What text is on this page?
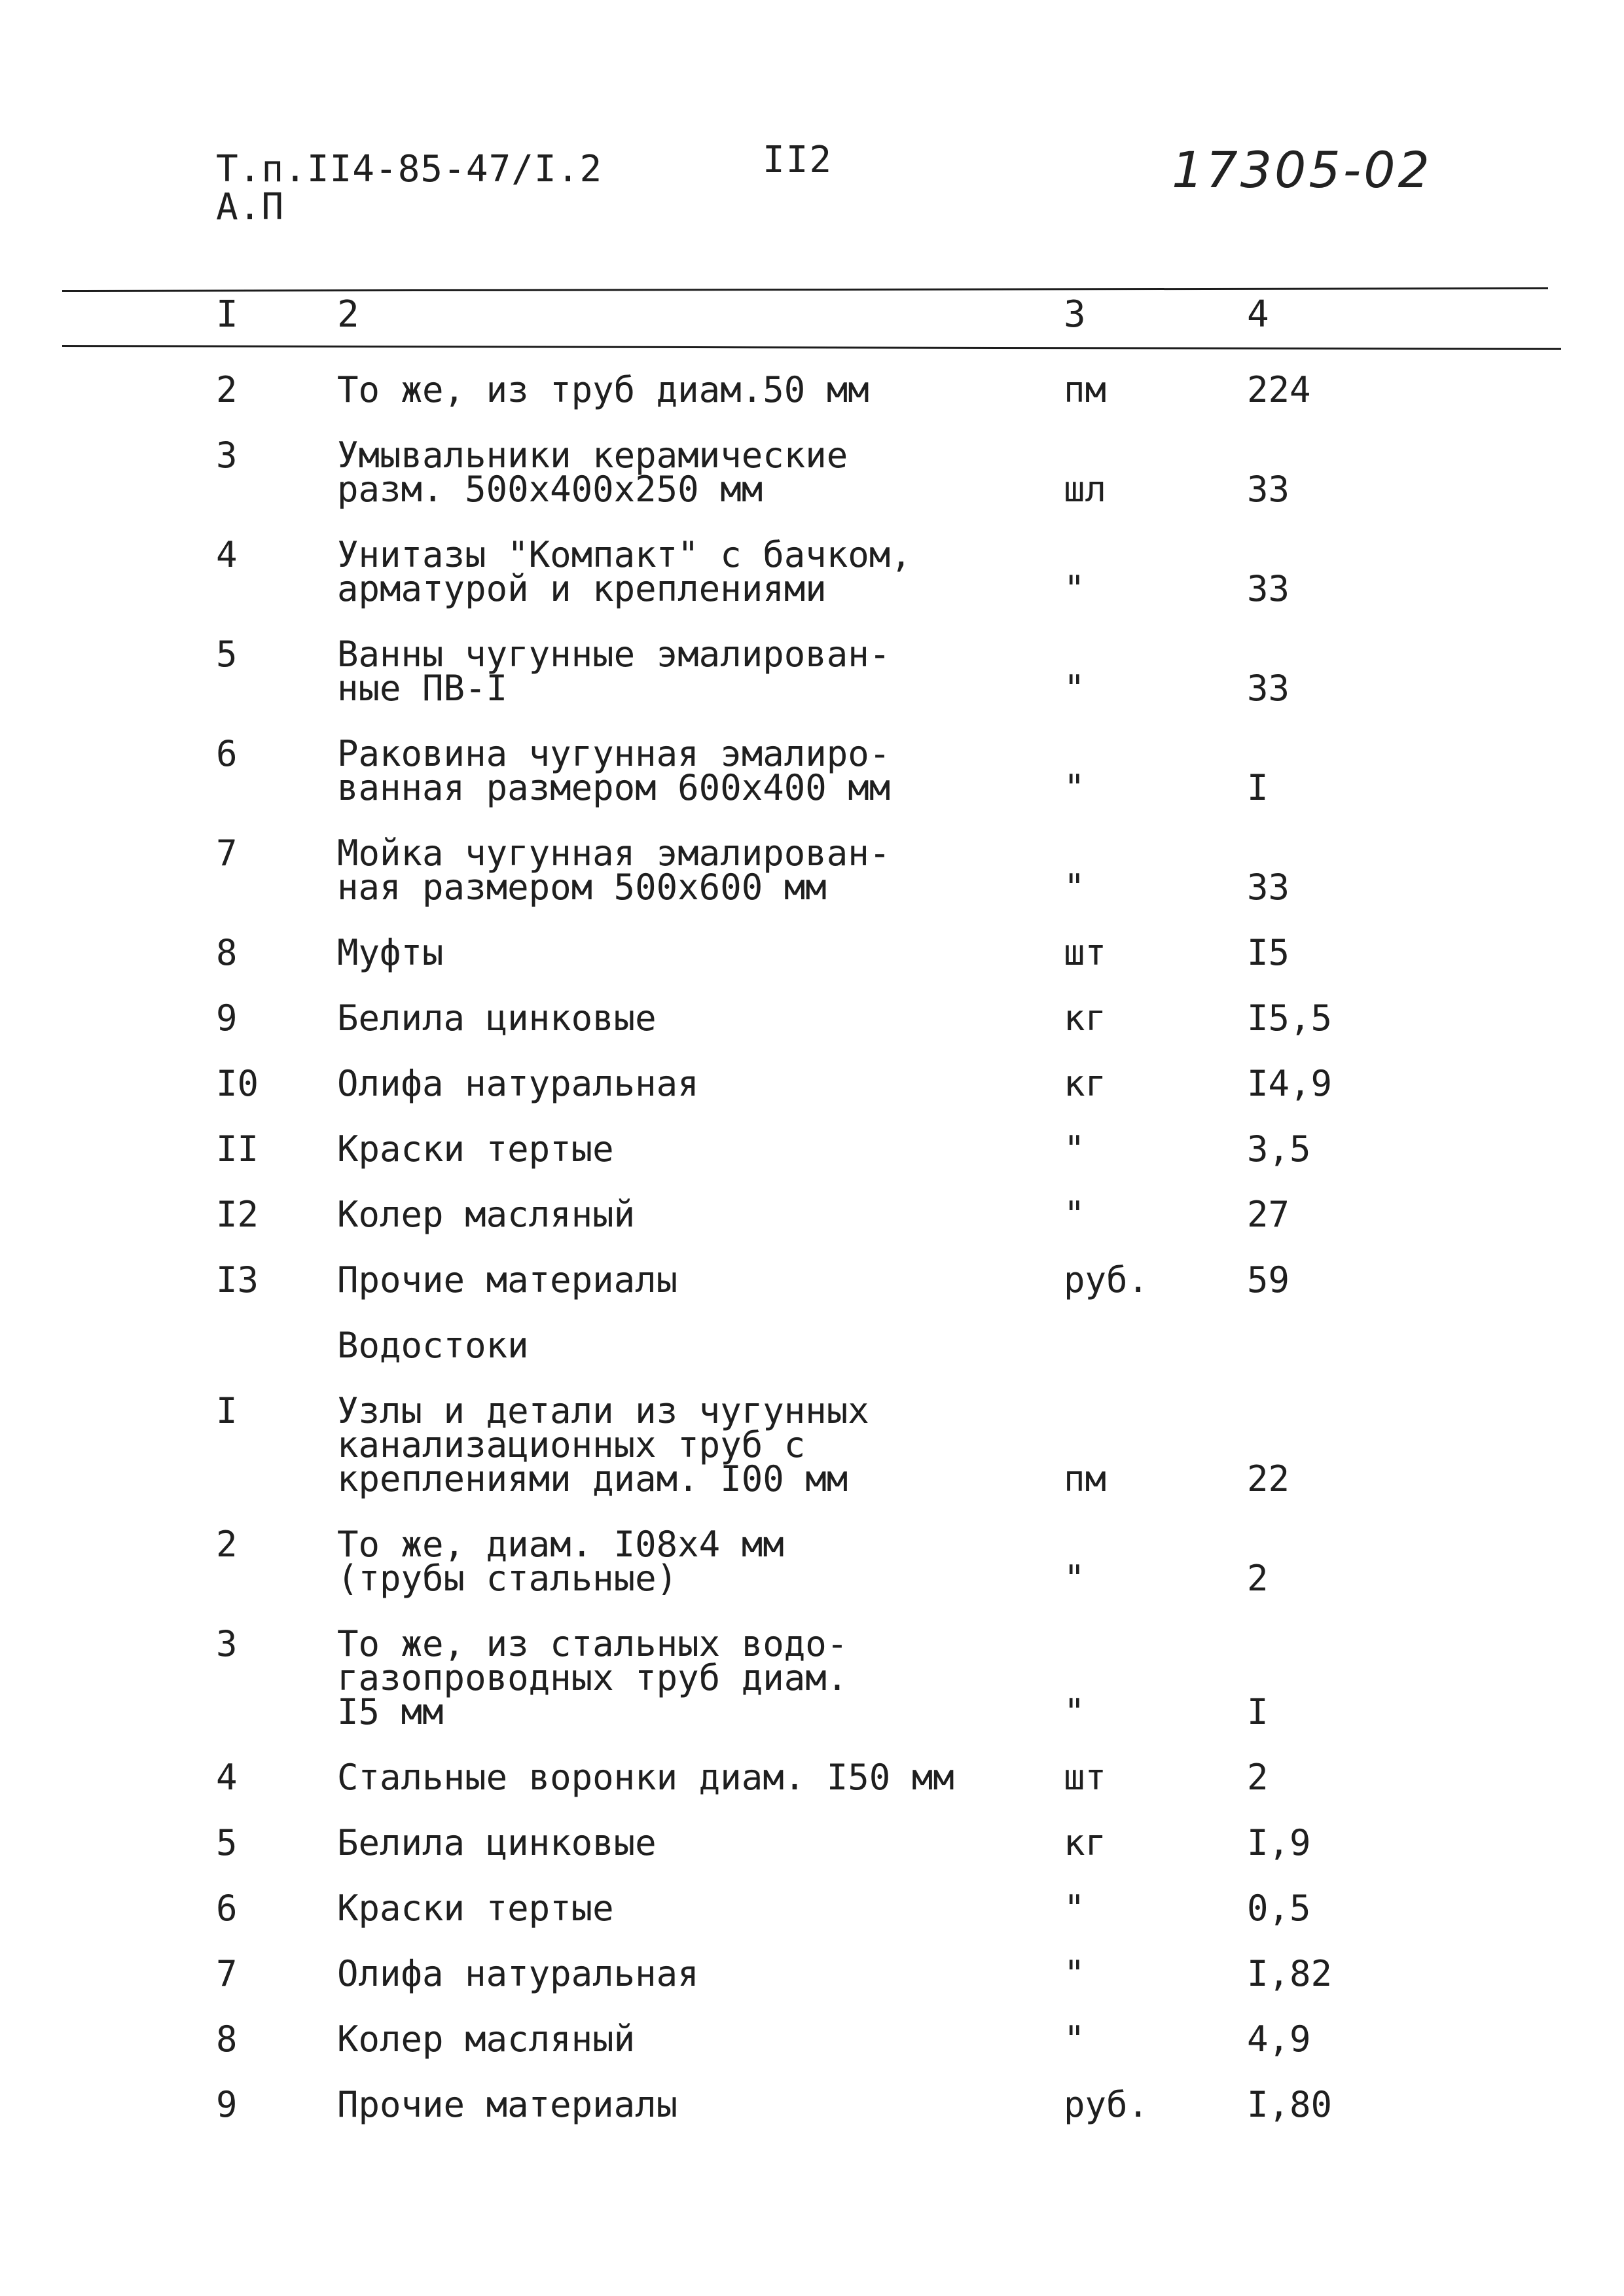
Т.п.II4-85-47/I.2
А.П
II2	17305-02
I	2	3	4
2	То же, из труб диам.50 мм	пм	224
3	Умывальники керамические
разм. 500х400х250 мм	шл	33
4	Унитазы "Компакт" с бачком,
арматурой и креплениями	"	33
5	Ванны чугунные эмалирован-
ные ПВ-I	"	33
6	Раковина чугунная эмалиро-
ванная размером 600х400 мм	"	I
7	Мойка чугунная эмалирован-
ная размером 500х600 мм	"	33
8	Муфты	шт	I5
9	Белила цинковые	кг	I5,5
I0 Олифа натуральная	кг	I4,9
II Краски тертые	"	3,5
I2 Колер масляный	"	27
I3 Прочие материалы	руб.	59
Водостоки
I	Узлы и детали из чугунных
канализационных труб с
креплениями диам. I00 мм	пм	22
2	То же, диам. I08х4 мм
(трубы стальные)	"	2
3	То же, из стальных водо-
газопроводных труб диам.
I5 мм	"	I
4	Стальные воронки диам. I50 мм	шт	2
5	Белила цинковые	кг	I,9
6	Краски тертые	"	0,5
7	Олифа натуральная	"	I,82
8	Колер масляный	"	4,9
9	Прочие материалы	руб.	I,80
